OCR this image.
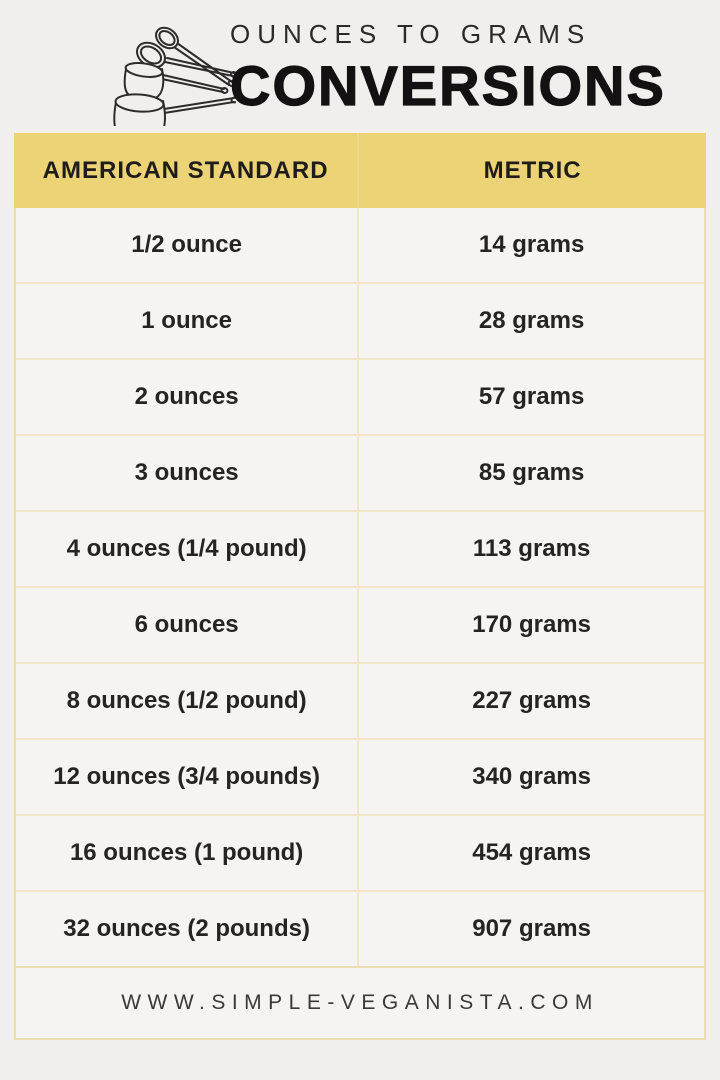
OUNCES TO GRAMS
CONVERSIONS
AMERICAN STANDARD	METRIC
1/2 ounce	14 grams
1 ounce	28 grams
2 ounces	57 grams
3 ounces	85 grams
4 ounces (1/4 pound)	113 grams
6 ounces	170 grams
8 ounces (1/2 pound)	227 grams
12 ounces (3/4 pounds)	340 grams
16 ounces (1 pound)	454 grams
32 ounces (2 pounds)	907 grams
WWW.SIMPLE-VEGANISTA.COM
